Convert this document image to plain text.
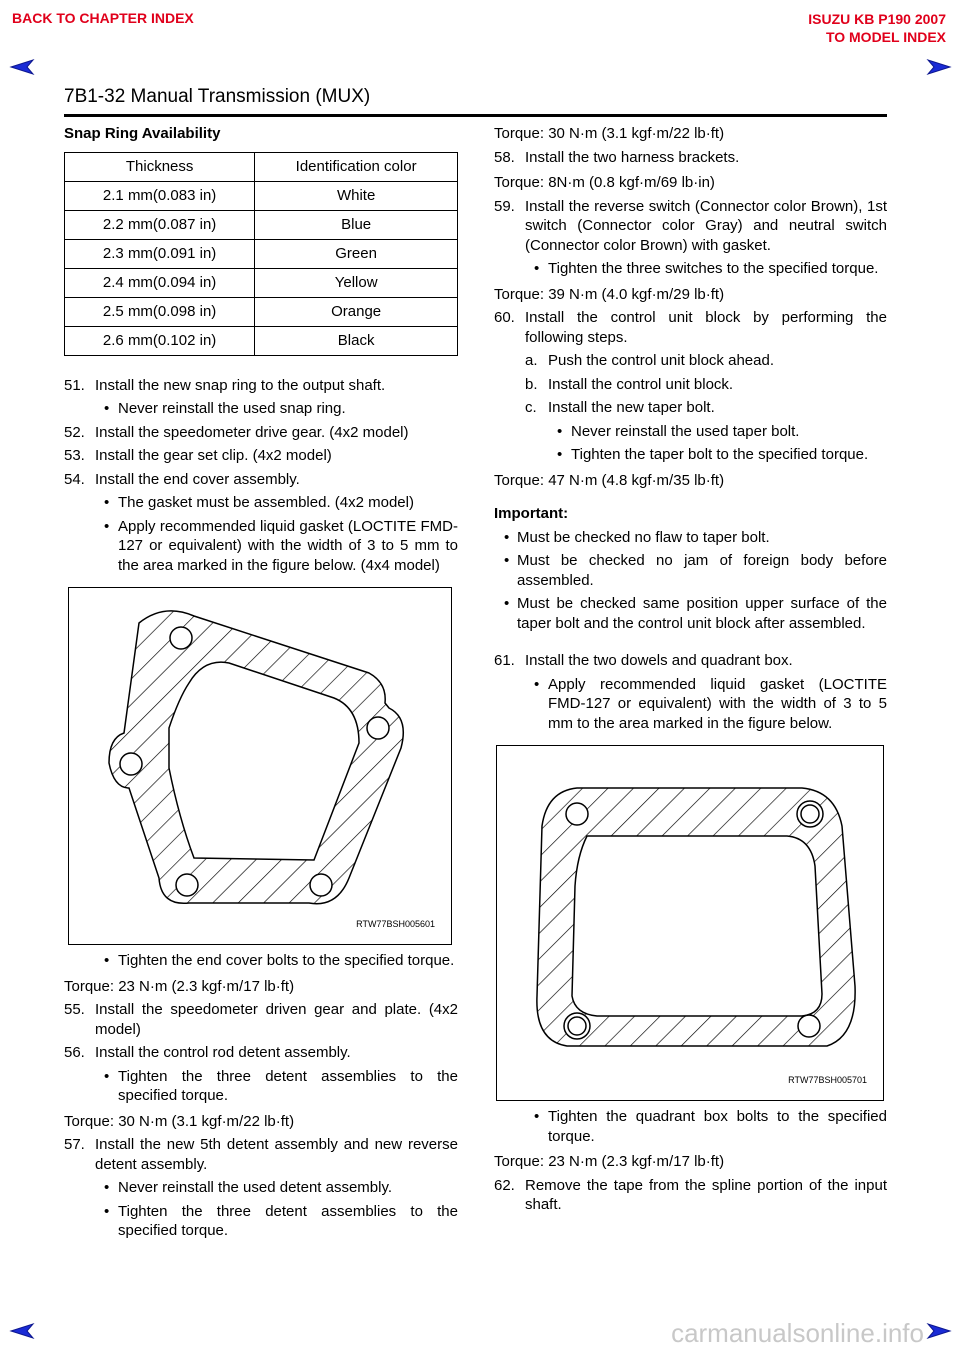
BACK TO CHAPTER INDEX	ISUZU KB P190 2007
TO MODEL INDEX
7B1-32 Manual Transmission (MUX)
Snap Ring Availability
Thickness	Identification color
2.1 mm(0.083 in)	White
2.2 mm(0.087 in)	Blue
2.3 mm(0.091 in)	Green
2.4 mm(0.094 in)	Yellow
2.5 mm(0.098 in)	Orange
2.6 mm(0.102 in)	Black
51. Install the new snap ring to the output shaft.
• Never reinstall the used snap ring.
52. Install the speedometer drive gear. (4x2 model)
53. Install the gear set clip. (4x2 model)
54. Install the end cover assembly.
• The gasket must be assembled. (4x2 model)
• Apply recommended liquid gasket (LOCTITE FMD-127 or equivalent) with the width of 3 to 5 mm to the area marked in the figure below. (4x4 model)
RTW77BSH005601
• Tighten the end cover bolts to the specified torque.
Torque: 23 N·m (2.3 kgf·m/17 lb·ft)
55. Install the speedometer driven gear and plate. (4x2 model)
56. Install the control rod detent assembly.
• Tighten the three detent assemblies to the specified torque.
Torque: 30 N·m (3.1 kgf·m/22 lb·ft)
57. Install the new 5th detent assembly and new reverse detent assembly.
• Never reinstall the used detent assembly.
• Tighten the three detent assemblies to the specified torque.
Torque: 30 N·m (3.1 kgf·m/22 lb·ft)
58. Install the two harness brackets.
Torque: 8N·m (0.8 kgf·m/69 lb·in)
59. Install the reverse switch (Connector color Brown), 1st switch (Connector color Gray) and neutral switch (Connector color Brown) with gasket.
• Tighten the three switches to the specified torque.
Torque: 39 N·m (4.0 kgf·m/29 lb·ft)
60. Install the control unit block by performing the following steps.
a. Push the control unit block ahead.
b. Install the control unit block.
c. Install the new taper bolt.
• Never reinstall the used taper bolt.
• Tighten the taper bolt to the specified torque.
Torque: 47 N·m (4.8 kgf·m/35 lb·ft)
Important:
• Must be checked no flaw to taper bolt.
• Must be checked no jam of foreign body before assembled.
• Must be checked same position upper surface of the taper bolt and the control unit block after assembled.
61. Install the two dowels and quadrant box.
• Apply recommended liquid gasket (LOCTITE FMD-127 or equivalent) with the width of 3 to 5 mm to the area marked in the figure below.
RTW77BSH005701
• Tighten the quadrant box bolts to the specified torque.
Torque: 23 N·m (2.3 kgf·m/17 lb·ft)
62. Remove the tape from the spline portion of the input shaft.
carmanualsonline.info
